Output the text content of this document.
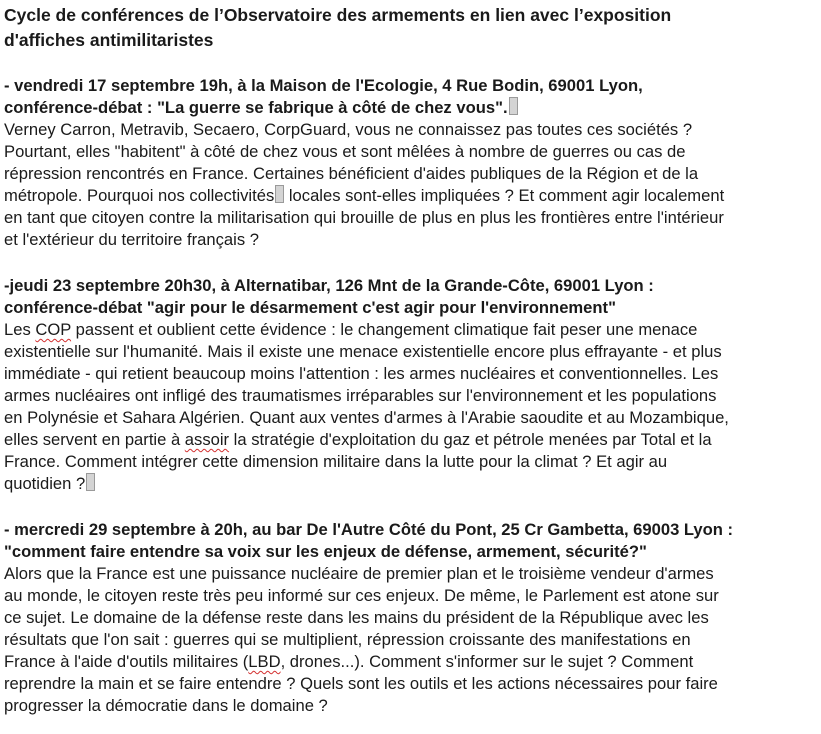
Cycle de conférences de l’Observatoire des armements en lien avec l’exposition
d'affiches antimilitaristes

- vendredi 17 septembre 19h, à la Maison de l'Ecologie, 4 Rue Bodin, 69001 Lyon,
conférence-débat : "La guerre se fabrique à côté de chez vous".

Verney Carron, Metravib, Secaero, CorpGuard, vous ne connaissez pas toutes ces sociétés ?
Pourtant, elles "habitent" à côté de chez vous et sont mêlées à nombre de guerres ou cas de
répression rencontrés en France. Certaines bénéficient d'aides publiques de la Région et de la
métropole. Pourquoi nos collectivités locales sont-elles impliquées ? Et comment agir localement
en tant que citoyen contre la militarisation qui brouille de plus en plus les frontières entre l'intérieur
et l'extérieur du territoire français ?

-jeudi 23 septembre 20h30, à Alternatibar, 126 Mnt de la Grande-Côte, 69001 Lyon :
conférence-débat "agir pour le désarmement c'est agir pour l'environnement"

Les COP passent et oublient cette évidence : le changement climatique fait peser une menace
existentielle sur l'humanité. Mais il existe une menace existentielle encore plus effrayante - et plus
immédiate - qui retient beaucoup moins l'attention : les armes nucléaires et conventionnelles. Les
armes nucléaires ont infligé des traumatismes irréparables sur l'environnement et les populations
en Polynésie et Sahara Algérien. Quant aux ventes d'armes à l'Arabie saoudite et au Mozambique,
elles servent en partie à assoir la stratégie d'exploitation du gaz et pétrole menées par Total et la
France. Comment intégrer cette dimension militaire dans la lutte pour la climat ? Et agir au
quotidien ?

- mercredi 29 septembre à 20h, au bar De l'Autre Côté du Pont, 25 Cr Gambetta, 69003 Lyon :
"comment faire entendre sa voix sur les enjeux de défense, armement, sécurité?"

Alors que la France est une puissance nucléaire de premier plan et le troisième vendeur d'armes
au monde, le citoyen reste très peu informé sur ces enjeux. De même, le Parlement est atone sur
ce sujet. Le domaine de la défense reste dans les mains du président de la République avec les
résultats que l'on sait : guerres qui se multiplient, répression croissante des manifestations en
France à l'aide d'outils militaires (LBD, drones...). Comment s'informer sur le sujet ? Comment
reprendre la main et se faire entendre ? Quels sont les outils et les actions nécessaires pour faire
progresser la démocratie dans le domaine ?
